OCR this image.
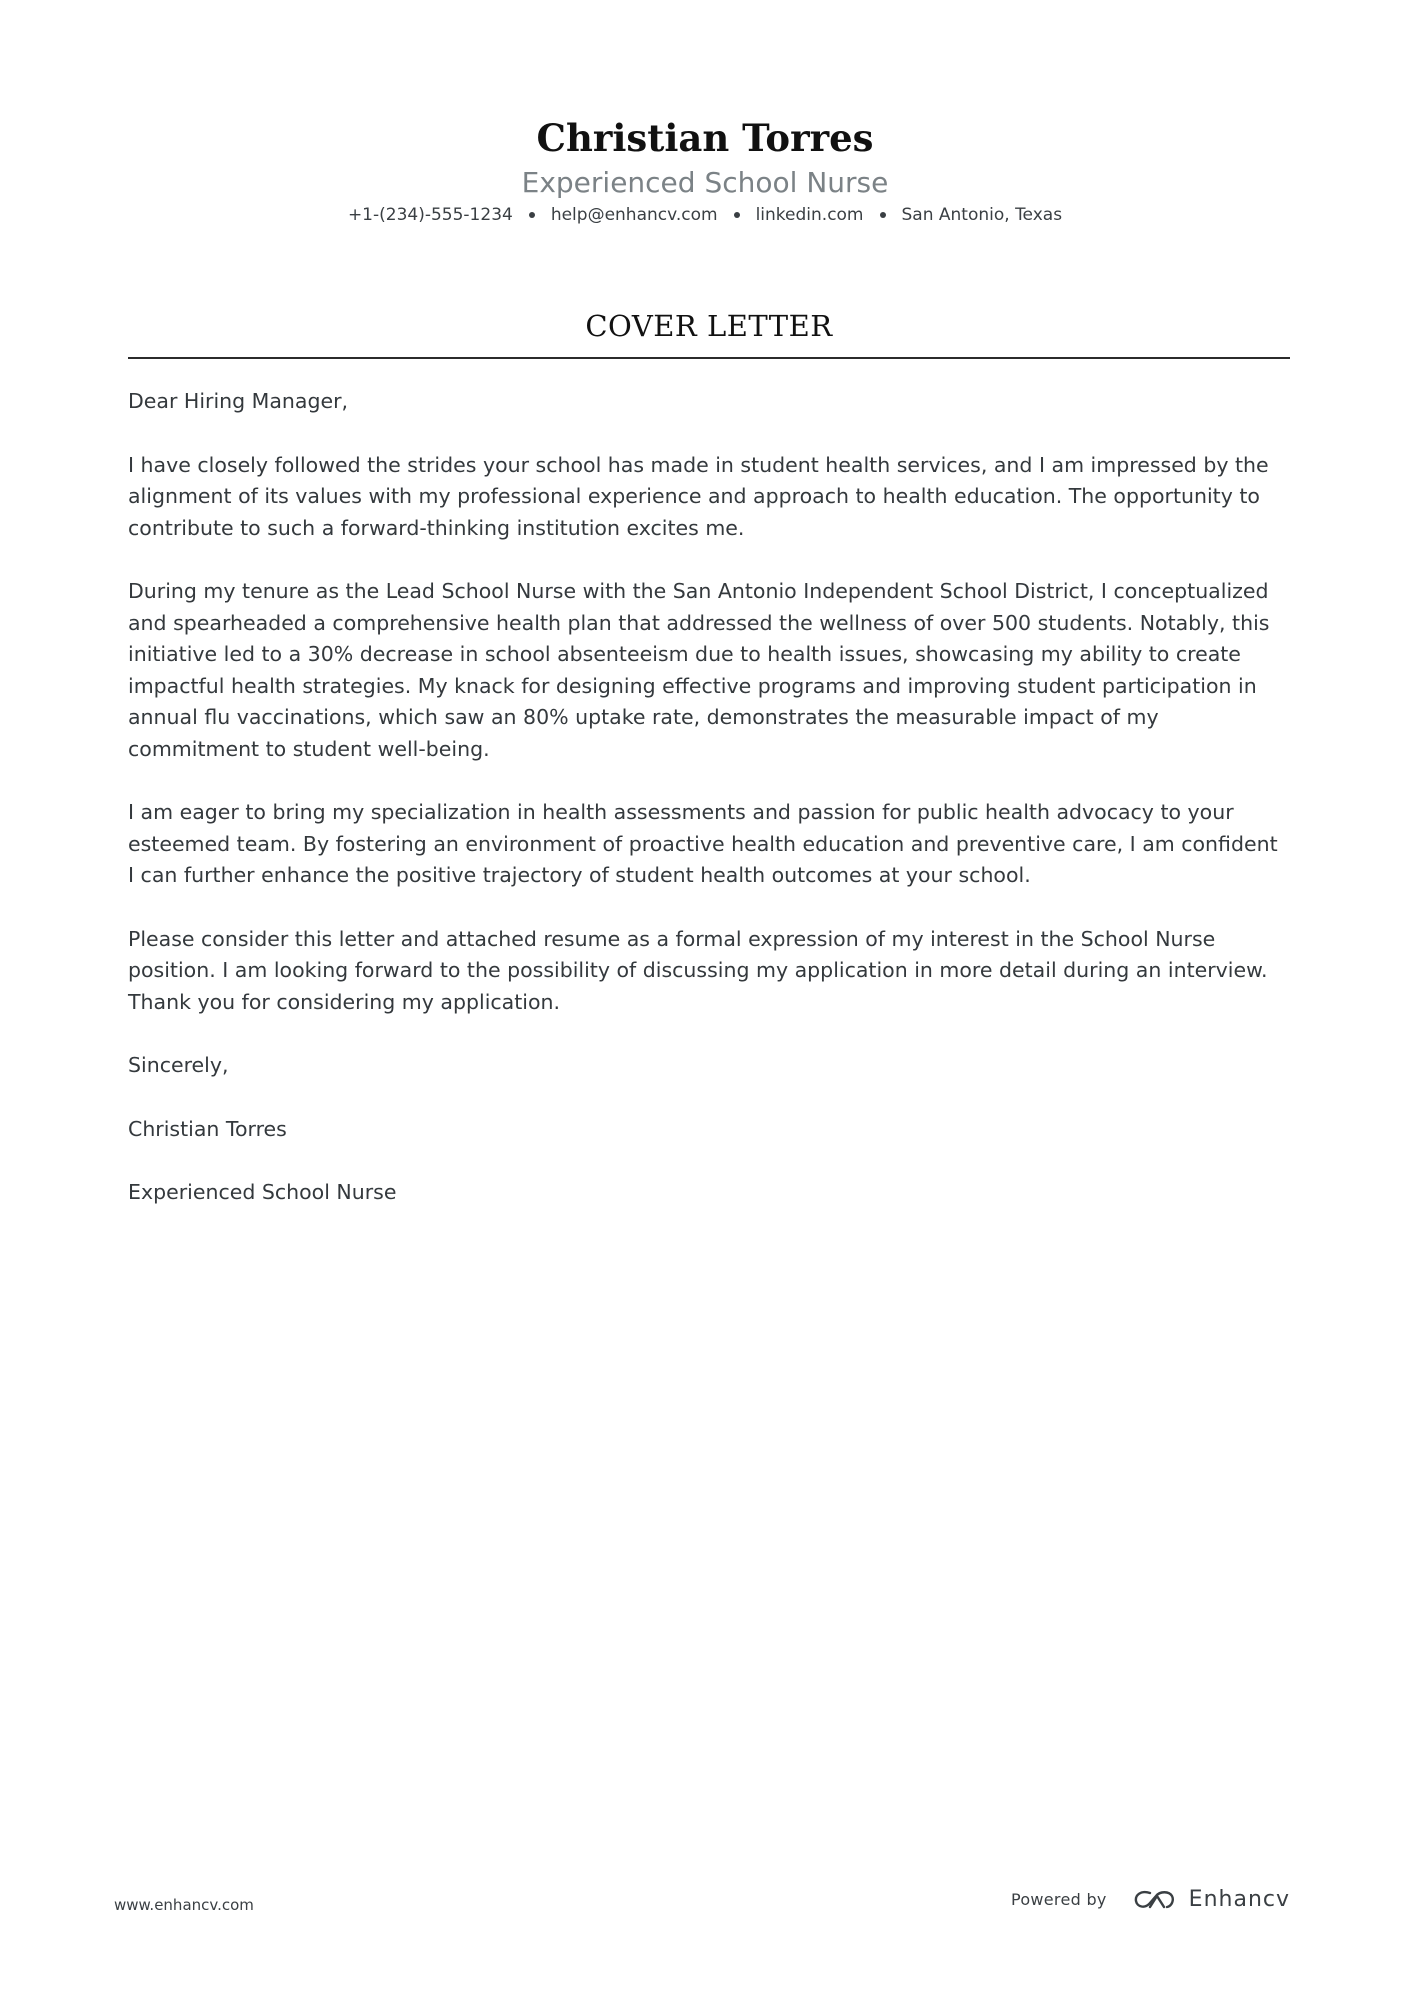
Christian Torres
Experienced School Nurse
+1-(234)-555-1234 help@enhancv.com linkedin.com San Antonio, Texas
COVER LETTER

Dear Hiring Manager,

I have closely followed the strides your school has made in student health services, and I am impressed by the alignment of its values with my professional experience and approach to health education. The opportunity to contribute to such a forward-thinking institution excites me.

During my tenure as the Lead School Nurse with the San Antonio Independent School District, I conceptualized and spearheaded a comprehensive health plan that addressed the wellness of over 500 students. Notably, this initiative led to a 30% decrease in school absenteeism due to health issues, showcasing my ability to create impactful health strategies. My knack for designing effective programs and improving student participation in annual flu vaccinations, which saw an 80% uptake rate, demonstrates the measurable impact of my commitment to student well-being.

I am eager to bring my specialization in health assessments and passion for public health advocacy to your esteemed team. By fostering an environment of proactive health education and preventive care, I am confident I can further enhance the positive trajectory of student health outcomes at your school.

Please consider this letter and attached resume as a formal expression of my interest in the School Nurse position. I am looking forward to the possibility of discussing my application in more detail during an interview. Thank you for considering my application.

Sincerely,

Christian Torres

Experienced School Nurse

www.enhancv.com	Powered by	Enhancv
